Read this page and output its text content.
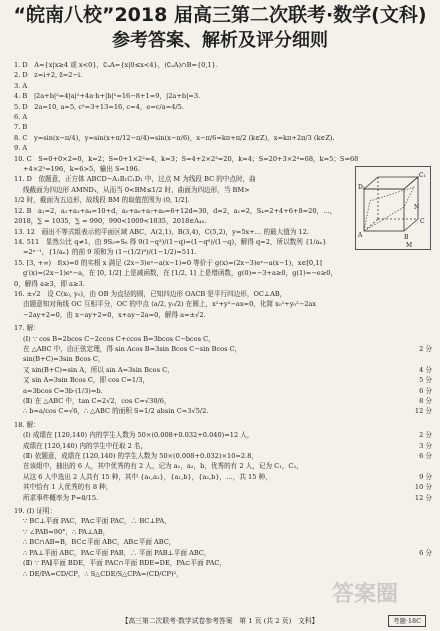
“皖南八校”2018 届高三第二次联考·数学(文科)
参考答案、解析及评分细则
1. D　A={x|x≥4 或 x<0}，∁ᵤA={x|0≤x<4}，(∁ᵤA)∩B={0,1}.
2. D　z=i+2, z̄=2−i.
3. A
4. B　|2a+b|²=4|a|²+4a·b+|b|²=16−8+1=9，|2a+b|=3.
5. D　2a=10, a=5, c²=3+13=16, c=4，e=c/a=4/5.
6. A
7. B
8. C　y=sin(x−π/4)，y=sin(x+π/12−π/4)=sin(x−π/6)，x−π/6=kπ+π/2 (k∈Z)，x=kπ+2π/3 (k∈Z).
9. A
10. C　S=0+0×2=0，k=2；S=0+1×2²=4，k=3；S=4+2×2³=20，k=4；S=20+3×2⁴=68，k=5；S=68
+4×2⁵=196，k=6>5，输出 S=196.
11. D　依题意，正方体 ABCD−A₁B₁C₁D₁ 中，过点 M 为线段 BC 的中点时，曲
线截面为四边形 AMND₁，从而当 0<BM≤1/2 时，曲面为四边形，当 BM>
1/2 时，截面为五边形，故线段 BM 的取值范围为 (0, 1/2].
12. B　a₁=2，a₂+a₃+a₄=10+d，a₅+a₆+a₇+a₈=6+12d=30，d=2，a₁=2，S₄=2+4+6+8=20，…，
2018，∑ = 1035，∑ = 990，990<1009<1035，2018∈A₄₅.
13. 12　画出不等式组表示的平面区域 ABC，A(2,1)，B(3,4)，C(5,2)，y=5x+… 的最大值为 12.
14. 511　显然公比 q≠1，由 9S₃=S₆ 得 9(1−q³)/(1−q)=(1−q⁶)/(1−q)，解得 q=2，所以数列 {1/aₙ}
=2ⁿ⁻¹，{1/aₙ} 的前 9 项和为 (1−(1/2)⁹)/(1−1/2)=511.
15. [3, +∞)　f(x)=0 的实根 x 满足 (2x−3)eˣ−a(x−1)=0 等价于 g(x)=(2x−3)eˣ−a(x−1)，x∈[0,1]
g′(x)=(2x−1)eˣ−a，在 [0, 1/2] 上是减函数，在 [1/2, 1] 上是增函数，g(0)=−3+a≥0，g(1)=−e≥0，
0，解得 a≥3，即 a≥3.
16. ±√2　设 C(x₀, y₀)，由 OB 为直径的圆，已知四边形 OACB 是平行四边形，OC⊥AB，
由题意知对角线 OC 互相平分，OC 的中点 (a/2, y₀/2) 在圆上，x²+y²−ax=0，化简 x₀²+y₀²−2ax
−2ay+2=0，由 x−ay+2=0，x+ay−2a=0，解得 a=±√2.
17. 解：
(Ⅰ) ∵ cos B=2bcos C−2ccos C+ccos B=3bcos C−bcos C，
在 △ABC 中，由正弦定理，得 sin Acos B=3sin Bcos C−sin Bcos C，	2 分
sin(B+C)=3sin Bcos C，
又 sin(B+C)=sin A，所以 sin A=3sin Bcos C，	4 分
又 sin A=3sin Bcos C，即 cos C=1/3，	5 分
a=3bcos C=3b·(1/3)=b.	6 分
(Ⅱ) 在 △ABC 中，tan C=2√2，cos C=√30/6，	8 分
∴ b=a/cos C=√6，∴ △ABC 的面积 S=1/2 absin C=3√5/2.	12 分
18. 解：
(Ⅰ) 成绩在 [120,140) 内的学生人数为 50×(0.008+0.032+0.040)=12 人，	2 分
成绩在 [120,140) 内的学生中任取 2 名，	3 分
(Ⅱ) 依题意，成绩在 [120,140) 的学生人数为 50×(0.008+0.032)×10=2.8，	6 分
在该组中，抽出的 6 人，其中优秀的有 2 人，记为 a₁，a₂，b，优秀的有 2 人，记为 C₁，C₂，
从这 6 人中选出 2 人共有 15 种，其中 {a₁,a₂}，{a₁,b}，{a₂,b}，…，共 15 种，	9 分
其中恰有 1 人优秀的有 8 种，	10 分
所求事件概率为 P=8/15.	12 分
19. (Ⅰ) 证明：
∵ BC⊥平面 PAC，PA⊂平面 PAC，∴ BC⊥PA，
∵ ∠PAB=90°，∴ PA⊥AB，
∴ BC∩AB=B，BC⊂平面 ABC，AB⊂平面 ABC，
∴ PA⊥平面 ABC，PA⊂平面 PAB，∴ 平面 PAB⊥平面 ABC，	6 分
(Ⅱ) ∵ PA∥平面 BDE，平面 PAC∩平面 BDE=DE，PA⊂平面 PAC，
∴ DE/PA=CD/CP，∴ S△CDE/S△CPA=(CD/CP)²，
D₁
C₁
A	B
C
N
M
答案圈
【高三第二次联考·数学试卷参考答案　第 1 页 (共 2 页)　文科】	考题·18C
